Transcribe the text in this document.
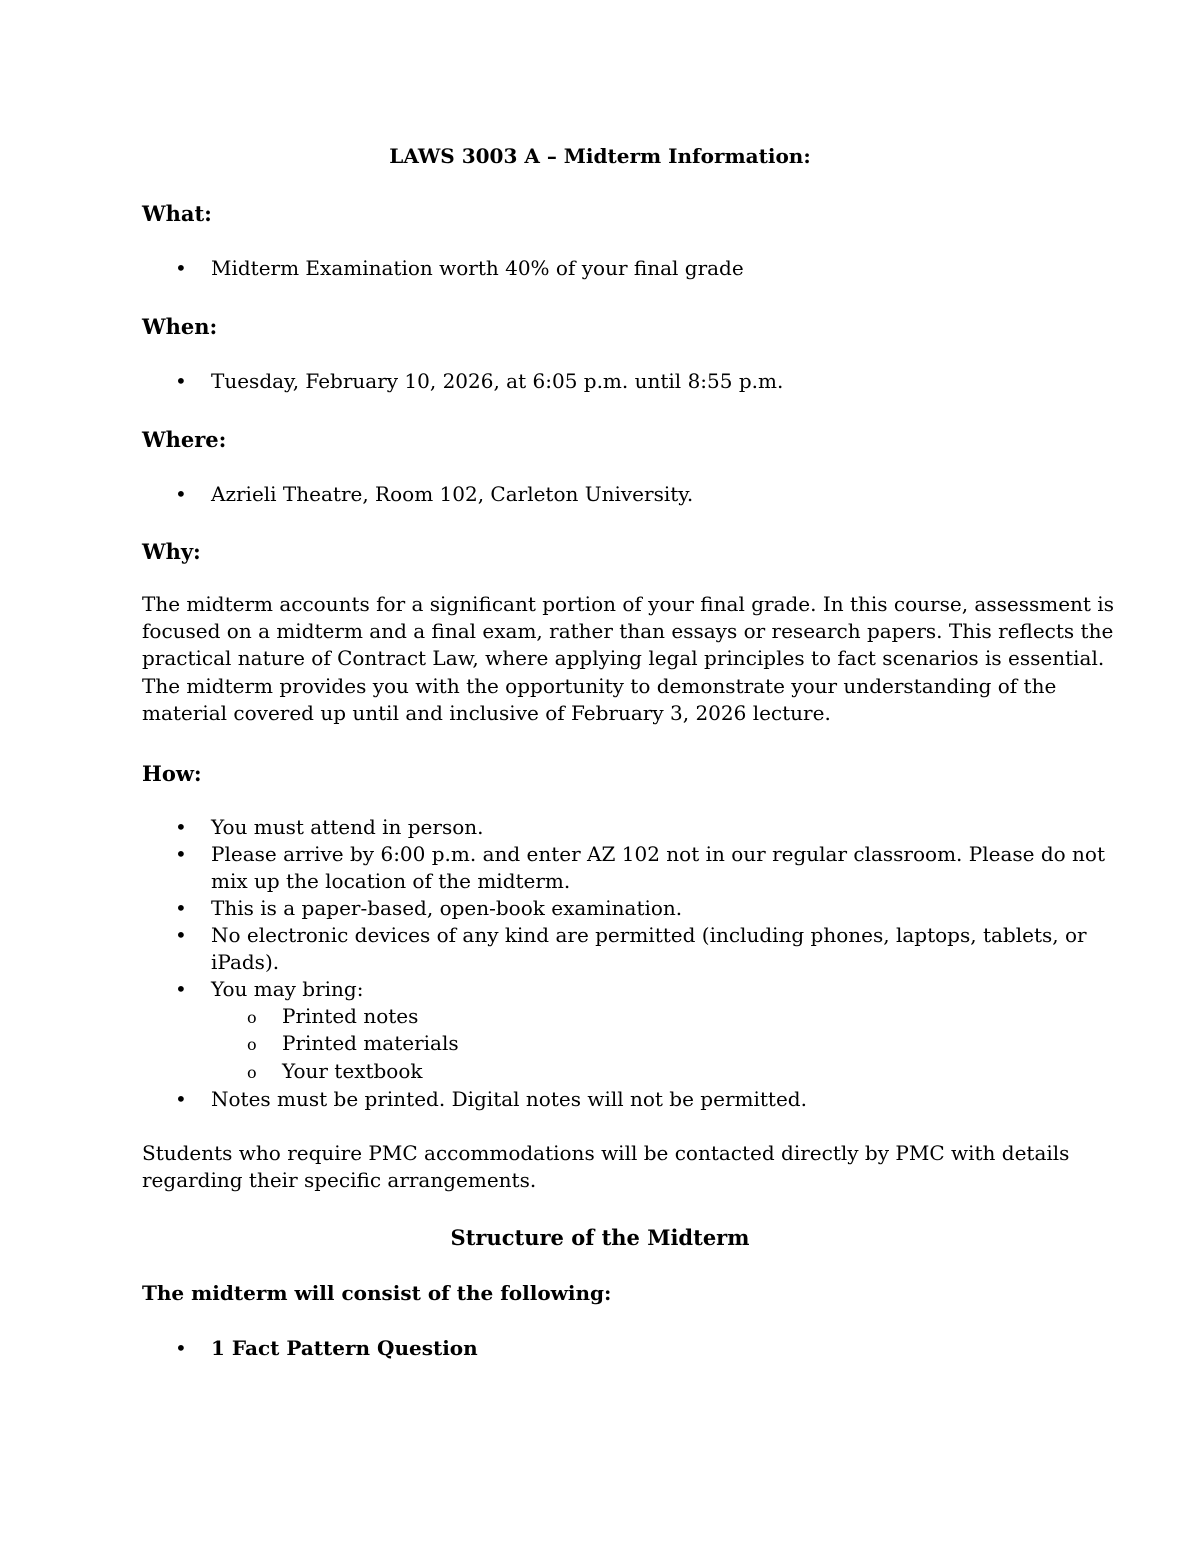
LAWS 3003 A – Midterm Information:
What:
• Midterm Examination worth 40% of your final grade
When:
• Tuesday, February 10, 2026, at 6:05 p.m. until 8:55 p.m.
Where:
• Azrieli Theatre, Room 102, Carleton University.
Why:

The midterm accounts for a significant portion of your final grade. In this course, assessment is

focused on a midterm and a final exam, rather than essays or research papers. This reflects the

practical nature of Contract Law, where applying legal principles to fact scenarios is essential.

The midterm provides you with the opportunity to demonstrate your understanding of the

material covered up until and inclusive of February 3, 2026 lecture.

How:
• You must attend in person.
• Please arrive by 6:00 p.m. and enter AZ 102 not in our regular classroom. Please do not
mix up the location of the midterm.
• This is a paper-based, open-book examination.
• No electronic devices of any kind are permitted (including phones, laptops, tablets, or
iPads).
• You may bring:
o Printed notes
o Printed materials
o Your textbook
• Notes must be printed. Digital notes will not be permitted.

Students who require PMC accommodations will be contacted directly by PMC with details

regarding their specific arrangements.

Structure of the Midterm
The midterm will consist of the following:
• 1 Fact Pattern Question
